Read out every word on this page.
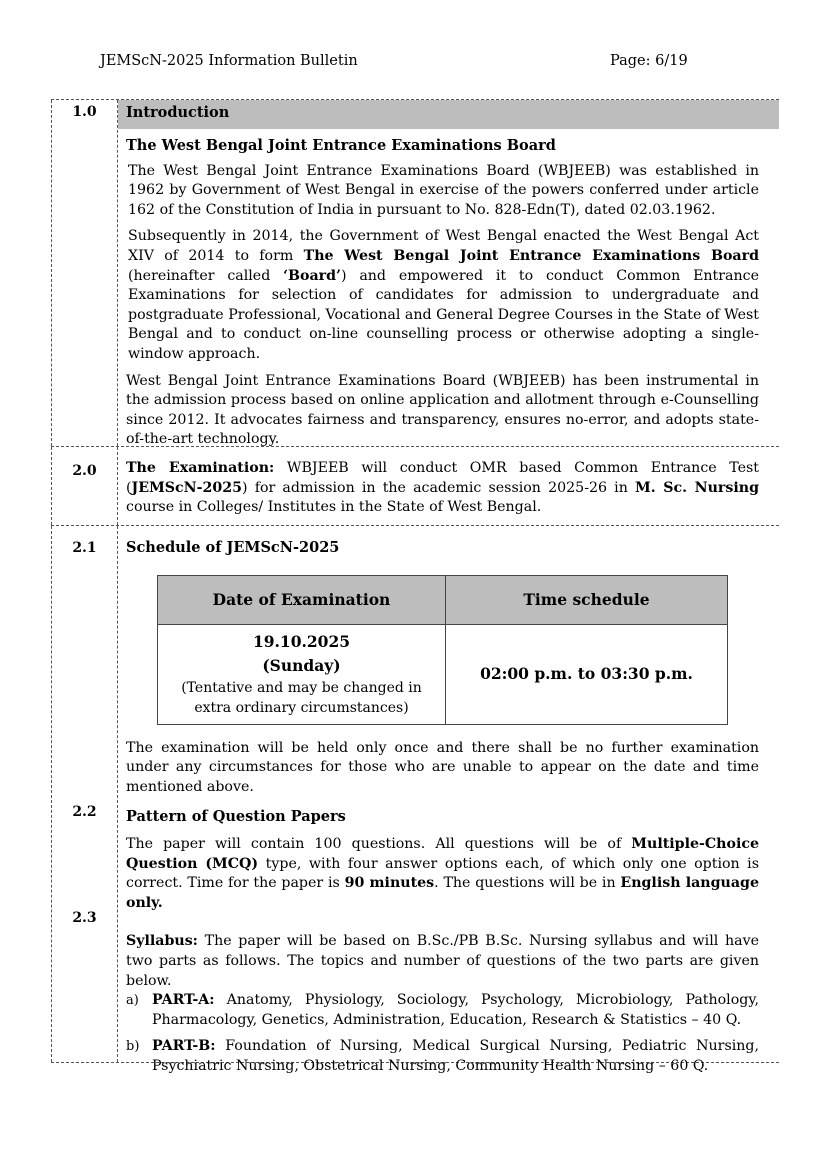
JEMScN-2025 Information Bulletin	Page: 6/19
1.0	Introduction
The West Bengal Joint Entrance Examinations Board

The West Bengal Joint Entrance Examinations Board (WBJEEB) was established in 1962 by Government of West Bengal in exercise of the powers conferred under article 162 of the Constitution of India in pursuant to No. 828-Edn(T), dated 02.03.1962.

Subsequently in 2014, the Government of West Bengal enacted the West Bengal Act XIV of 2014 to form The West Bengal Joint Entrance Examinations Board (hereinafter called ‘Board’) and empowered it to conduct Common Entrance Examinations for selection of candidates for admission to undergraduate and postgraduate Professional, Vocational and General Degree Courses in the State of West Bengal and to conduct on-line counselling process or otherwise adopting a single-window approach.

West Bengal Joint Entrance Examinations Board (WBJEEB) has been instrumental in the admission process based on online application and allotment through e-Counselling since 2012. It advocates fairness and transparency, ensures no-error, and adopts state-of-the-art technology.

2.0	The Examination: WBJEEB will conduct OMR based Common Entrance Test (JEMScN-2025) for admission in the academic session 2025-26 in M. Sc. Nursing course in Colleges/ Institutes in the State of West Bengal.

2.1
2.2
2.3
Schedule of JEMScN-2025
Date of Examination	Time schedule

19.10.2025
(Sunday)
(Tentative and may be changed in extra ordinary circumstances)	02:00 p.m. to 03:30 p.m.

The examination will be held only once and there shall be no further examination under any circumstances for those who are unable to appear on the date and time mentioned above.

Pattern of Question Papers

The paper will contain 100 questions. All questions will be of Multiple-Choice Question (MCQ) type, with four answer options each, of which only one option is correct. Time for the paper is 90 minutes. The questions will be in English language only.

Syllabus: The paper will be based on B.Sc./PB B.Sc. Nursing syllabus and will have two parts as follows. The topics and number of questions of the two parts are given below.

a) PART-A: Anatomy, Physiology, Sociology, Psychology, Microbiology, Pathology, Pharmacology, Genetics, Administration, Education, Research & Statistics – 40 Q.
b) PART-B: Foundation of Nursing, Medical Surgical Nursing, Pediatric Nursing, Psychiatric Nursing, Obstetrical Nursing, Community Health Nursing – 60 Q.
